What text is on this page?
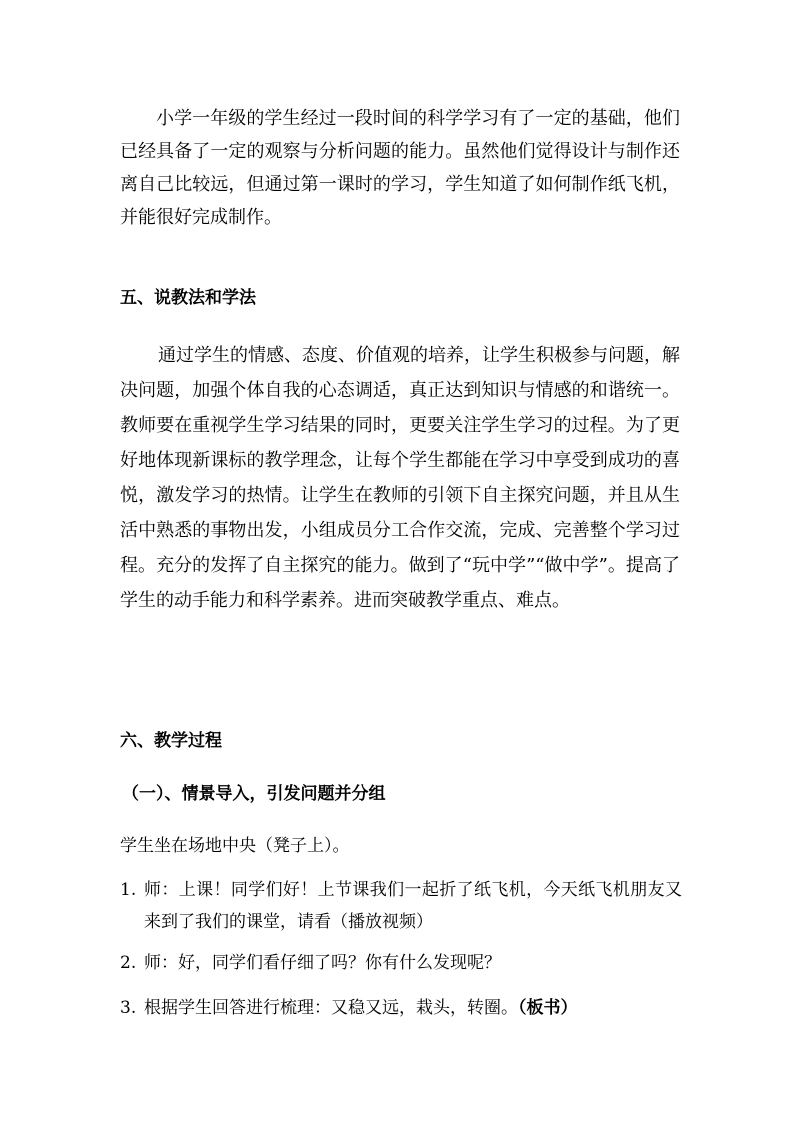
小学一年级的学生经过一段时间的科学学习有了一定的基础，他们已经具备了一定的观察与分析问题的能力。虽然他们觉得设计与制作还离自己比较远，但通过第一课时的学习，学生知道了如何制作纸飞机，并能很好完成制作。

五、说教法和学法

通过学生的情感、态度、价值观的培养，让学生积极参与问题，解决问题，加强个体自我的心态调适，真正达到知识与情感的和谐统一。教师要在重视学生学习结果的同时，更要关注学生学习的过程。为了更好地体现新课标的教学理念，让每个学生都能在学习中享受到成功的喜悦，激发学习的热情。让学生在教师的引领下自主探究问题，并且从生活中熟悉的事物出发，小组成员分工合作交流，完成、完善整个学习过程。充分的发挥了自主探究的能力。做到了“玩中学”“做中学”。提高了学生的动手能力和科学素养。进而突破教学重点、难点。

六、教学过程

（一）、情景导入，引发问题并分组

学生坐在场地中央（凳子上）。

1. 师：上课！同学们好！上节课我们一起折了纸飞机，今天纸飞机朋友又来到了我们的课堂，请看（播放视频）
2. 师：好，同学们看仔细了吗？你有什么发现呢？
3. 根据学生回答进行梳理：又稳又远，栽头，转圈。（板书）
